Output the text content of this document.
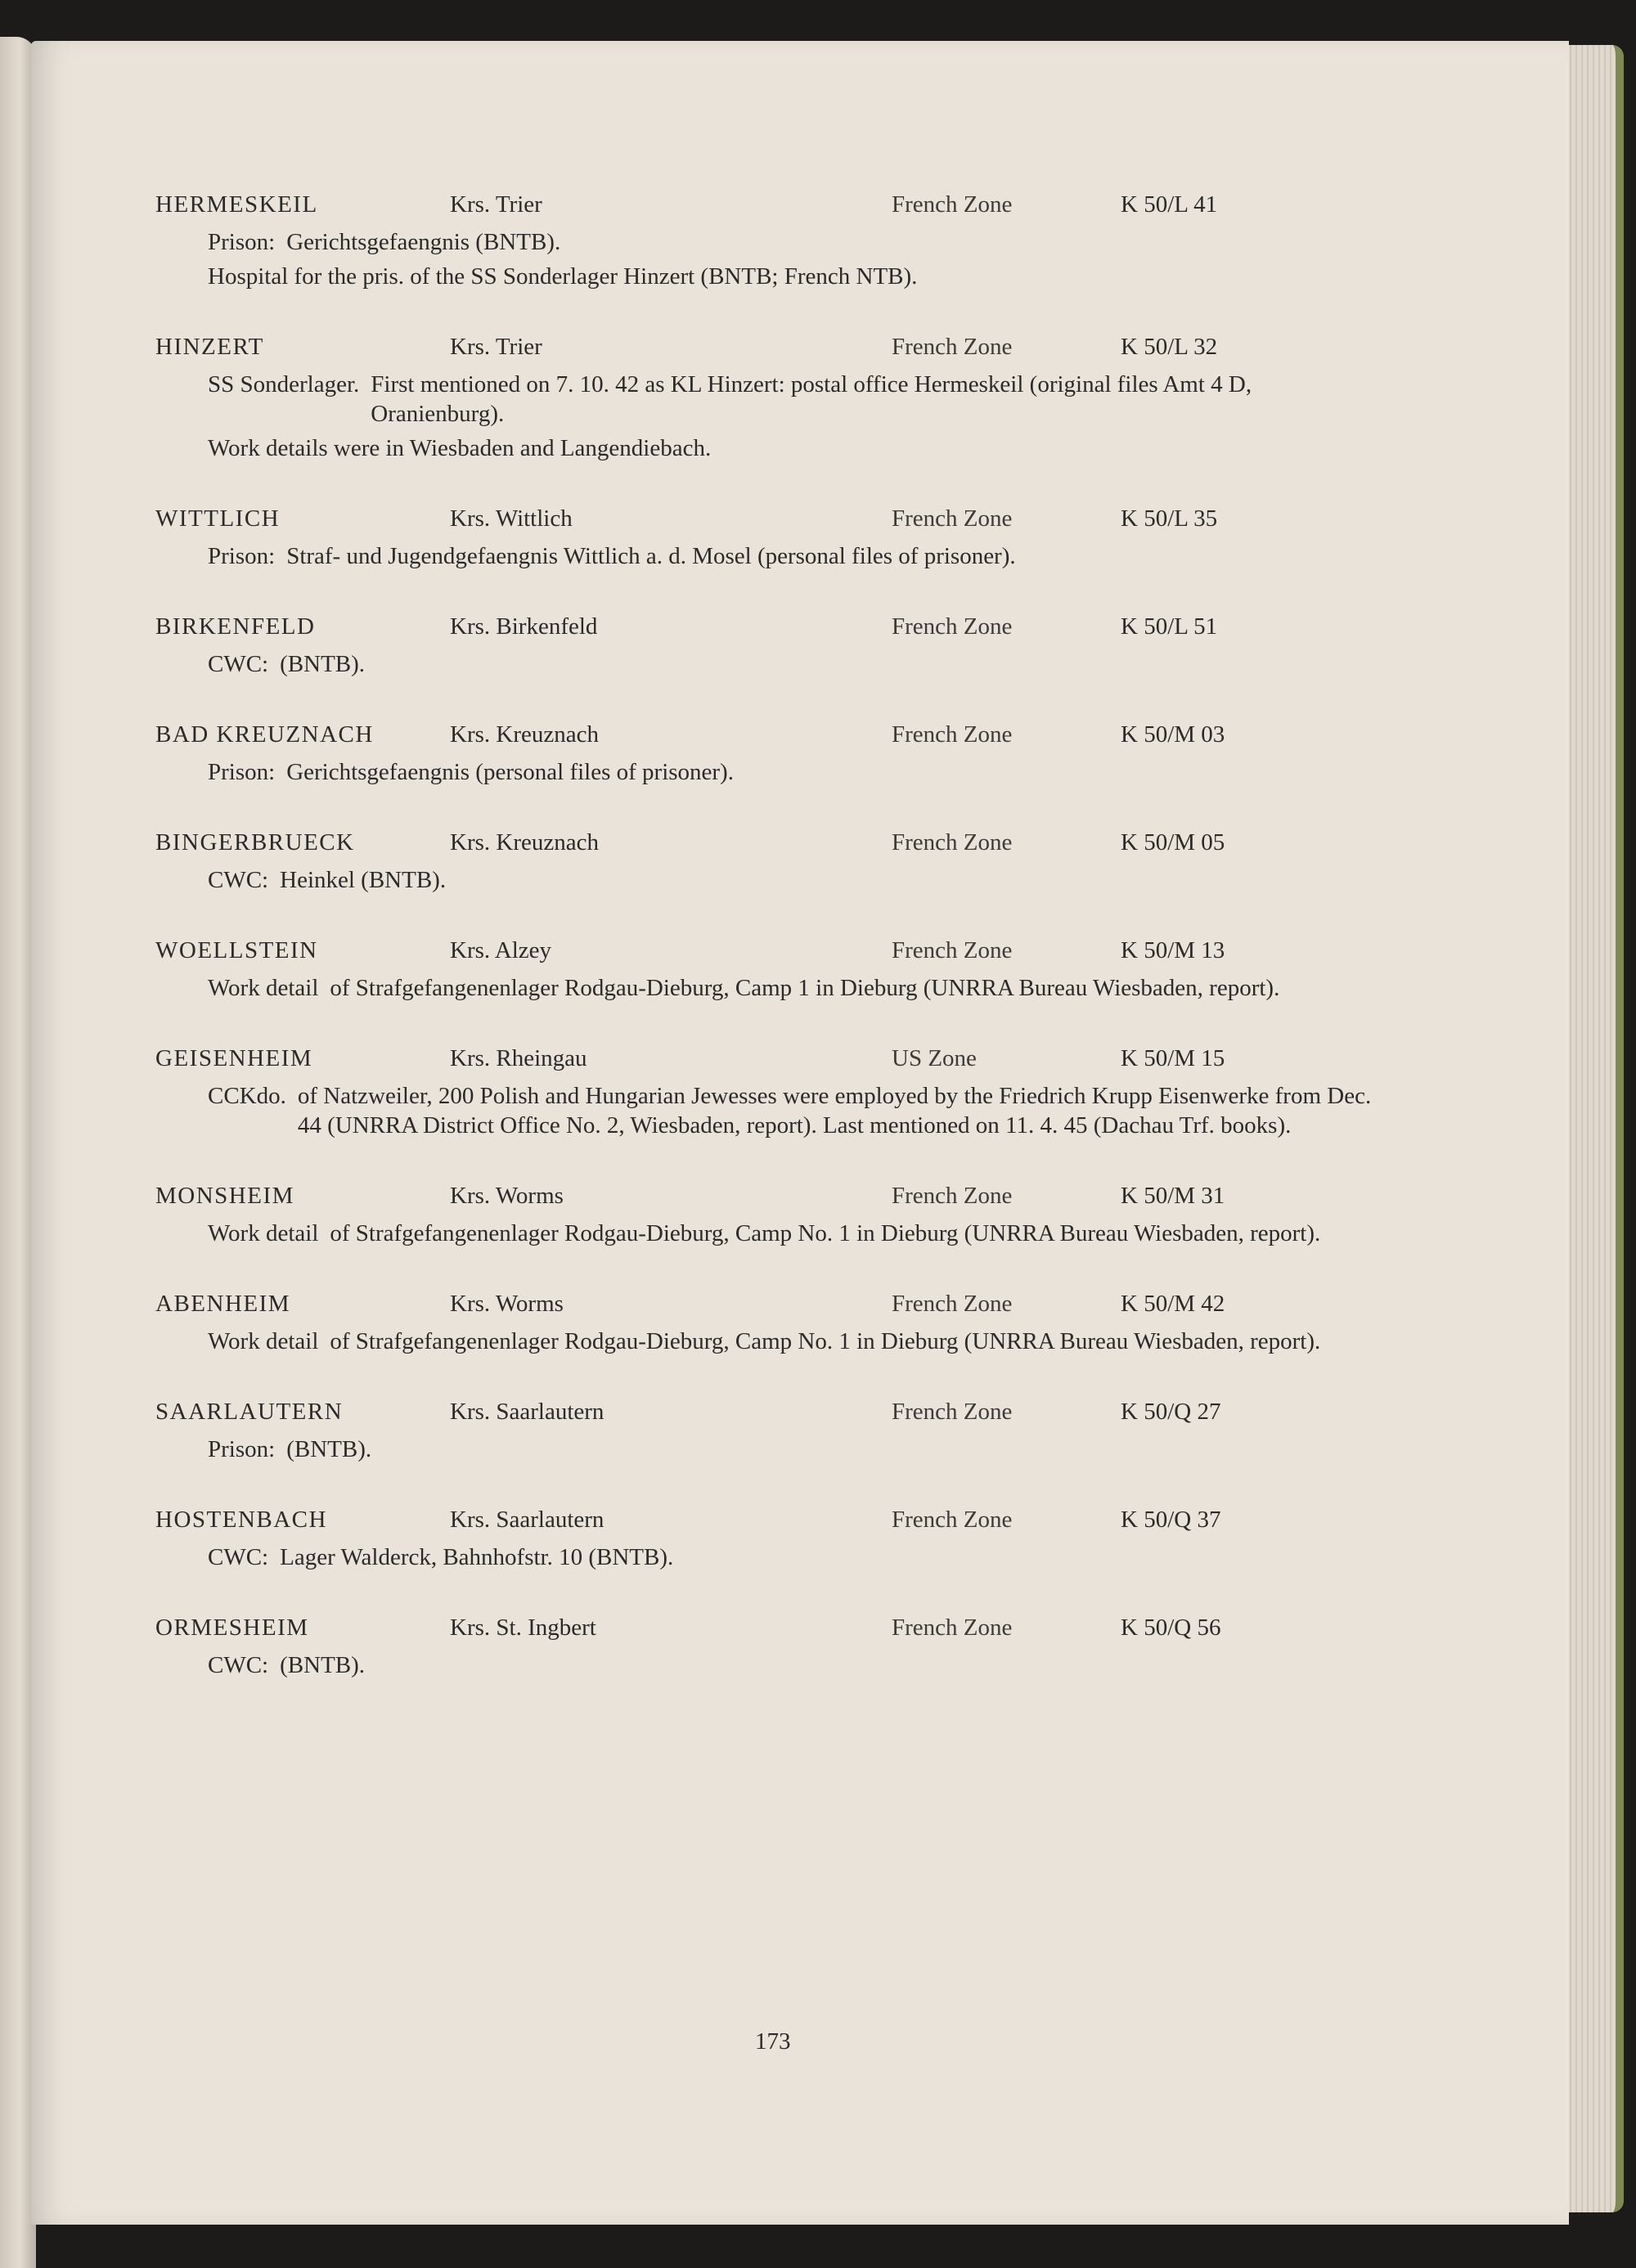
HERMESKEIL	Krs. Trier	French Zone	K 50/L 41
Prison: Gerichtsgefaengnis (BNTB).
Hospital for the pris. of the SS Sonderlager Hinzert (BNTB; French NTB).
HINZERT	Krs. Trier	French Zone	K 50/L 32
SS Sonderlager. First mentioned on 7. 10. 42 as KL Hinzert: postal office Hermeskeil (original files Amt 4 D, Oranienburg).
Work details were in Wiesbaden and Langendiebach.
WITTLICH	Krs. Wittlich	French Zone	K 50/L 35
Prison: Straf- und Jugendgefaengnis Wittlich a. d. Mosel (personal files of prisoner).
BIRKENFELD	Krs. Birkenfeld	French Zone	K 50/L 51
CWC: (BNTB).
BAD KREUZNACH	Krs. Kreuznach	French Zone	K 50/M 03
Prison: Gerichtsgefaengnis (personal files of prisoner).
BINGERBRUECK	Krs. Kreuznach	French Zone	K 50/M 05
CWC: Heinkel (BNTB).
WOELLSTEIN	Krs. Alzey	French Zone	K 50/M 13
Work detail of Strafgefangenenlager Rodgau-Dieburg, Camp 1 in Dieburg (UNRRA Bureau Wiesbaden, report).
GEISENHEIM	Krs. Rheingau	US Zone	K 50/M 15
CCKdo. of Natzweiler, 200 Polish and Hungarian Jewesses were employed by the Friedrich Krupp Eisenwerke from Dec. 44 (UNRRA District Office No. 2, Wiesbaden, report). Last mentioned on 11. 4. 45 (Dachau Trf. books).
MONSHEIM	Krs. Worms	French Zone	K 50/M 31
Work detail of Strafgefangenenlager Rodgau-Dieburg, Camp No. 1 in Dieburg (UNRRA Bureau Wiesbaden, report).
ABENHEIM	Krs. Worms	French Zone	K 50/M 42
Work detail of Strafgefangenenlager Rodgau-Dieburg, Camp No. 1 in Dieburg (UNRRA Bureau Wiesbaden, report).
SAARLAUTERN	Krs. Saarlautern	French Zone	K 50/Q 27
Prison: (BNTB).
HOSTENBACH	Krs. Saarlautern	French Zone	K 50/Q 37
CWC: Lager Walderck, Bahnhofstr. 10 (BNTB).
ORMESHEIM	Krs. St. Ingbert	French Zone	K 50/Q 56
CWC: (BNTB).
173
